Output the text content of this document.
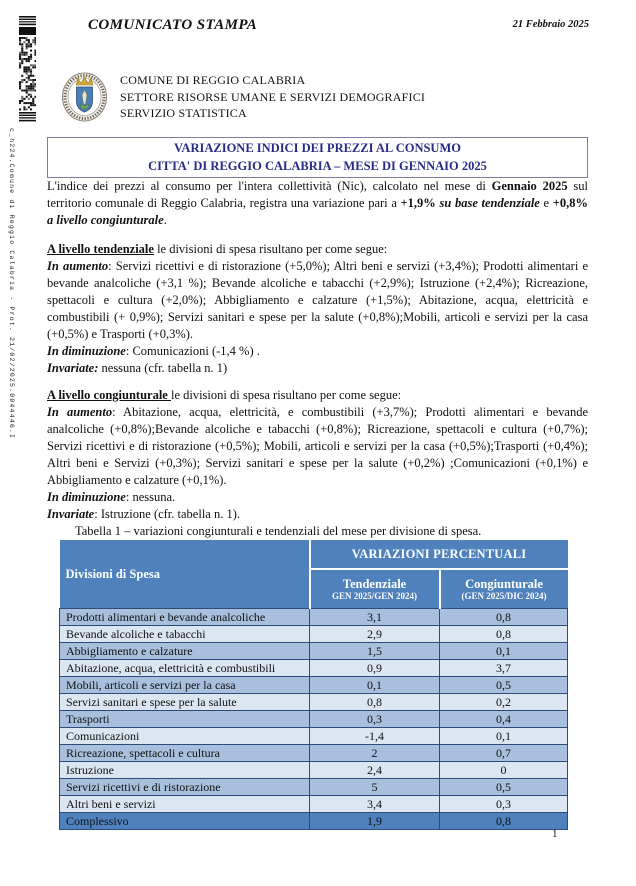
c_h224.Comune di Reggio Calabria - Prot. 21/02/2025.0044446.I
COMUNICATO STAMPA	21 Febbraio 2025
COMUNE DI REGGIO CALABRIA
SETTORE RISORSE UMANE E SERVIZI DEMOGRAFICI
SERVIZIO STATISTICA
VARIAZIONE INDICI DEI PREZZI AL CONSUMO
CITTA' DI REGGIO CALABRIA – MESE DI GENNAIO 2025

L'indice dei prezzi al consumo per l'intera collettività (Nic), calcolato nel mese di Gennaio 2025 sul territorio comunale di Reggio Calabria, registra una variazione pari a +1,9% su base tendenziale e +0,8% a livello congiunturale.

A livello tendenziale le divisioni di spesa risultano per come segue:

In aumento: Servizi ricettivi e di ristorazione (+5,0%); Altri beni e servizi (+3,4%); Prodotti alimentari e bevande analcoliche (+3,1 %); Bevande alcoliche e tabacchi (+2,9%); Istruzione (+2,4%); Ricreazione, spettacoli e cultura (+2,0%); Abbigliamento e calzature (+1,5%); Abitazione, acqua, elettricità e combustibili (+ 0,9%); Servizi sanitari e spese per la salute (+0,8%);Mobili, articoli e servizi per la casa (+0,5%) e Trasporti (+0,3%).

In diminuzione: Comunicazioni (-1,4 %) .

Invariate: nessuna (cfr. tabella n. 1)

A livello congiunturale le divisioni di spesa risultano per come segue:

In aumento: Abitazione, acqua, elettricità, e combustibili (+3,7%); Prodotti alimentari e bevande analcoliche (+0,8%);Bevande alcoliche e tabacchi (+0,8%); Ricreazione, spettacoli e cultura (+0,7%); Servizi ricettivi e di ristorazione (+0,5%); Mobili, articoli e servizi per la casa (+0,5%);Trasporti (+0,4%); Altri beni e Servizi (+0,3%); Servizi sanitari e spese per la salute (+0,2%) ;Comunicazioni (+0,1%) e Abbigliamento e calzature (+0,1%).

In diminuzione: nessuna.

Invariate: Istruzione (cfr. tabella n. 1).

Tabella 1 – variazioni congiunturali e tendenziali del mese per divisione di spesa.

Divisioni di Spesa	VARIAZIONI PERCENTUALI	

Tendenziale
GEN 2025/GEN 2024)

Congiunturale
(GEN 2025/DIC 2024)

Prodotti alimentari e bevande analcoliche	3,1	0,8
Bevande alcoliche e tabacchi	2,9	0,8
Abbigliamento e calzature	1,5	0,1
Abitazione, acqua, elettricità e combustibili	0,9	3,7
Mobili, articoli e servizi per la casa	0,1	0,5
Servizi sanitari e spese per la salute	0,8	0,2
Trasporti	0,3	0,4
Comunicazioni	-1,4	0,1
Ricreazione, spettacoli e cultura	2	0,7
Istruzione	2,4	0
Servizi ricettivi e di ristorazione	5	0,5
Altri beni e servizi	3,4	0,3
Complessivo	1,9	0,8
1
